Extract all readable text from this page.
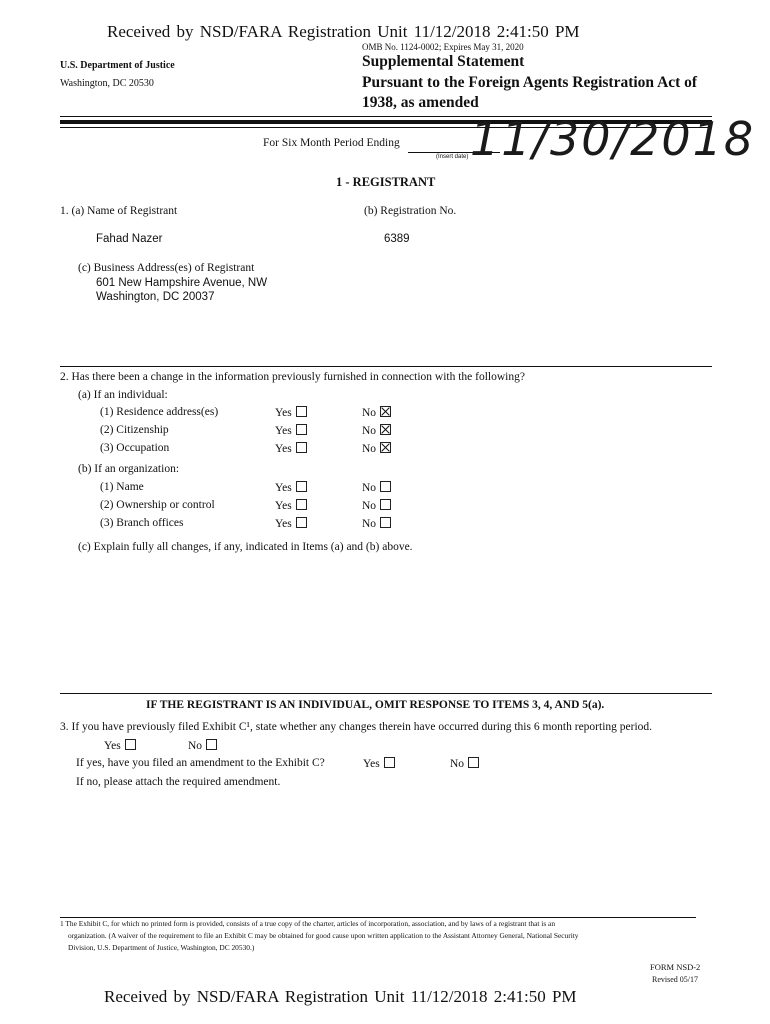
Received by NSD/FARA Registration Unit 11/12/2018 2:41:50 PM
OMB No. 1124-0002; Expires May 31, 2020
U.S. Department of Justice
Washington, DC 20530
Supplemental Statement
Pursuant to the Foreign Agents Registration Act of
1938, as amended
For Six Month Period Ending
(Insert date) 11/30/2018
1 - REGISTRANT
1. (a) Name of Registrant	(b) Registration No.
Fahad Nazer	6389
(c) Business Address(es) of Registrant
601 New Hampshire Avenue, NW
Washington, DC 20037
2. Has there been a change in the information previously furnished in connection with the following?
(a) If an individual:
(1) Residence address(es)	Yes	No
(2) Citizenship	Yes	No
(3) Occupation	Yes	No
(b) If an organization:
(1) Name	Yes	No
(2) Ownership or control	Yes	No
(3) Branch offices	Yes	No
(c) Explain fully all changes, if any, indicated in Items (a) and (b) above.
IF THE REGISTRANT IS AN INDIVIDUAL, OMIT RESPONSE TO ITEMS 3, 4, AND 5(a).
3. If you have previously filed Exhibit C¹, state whether any changes therein have occurred during this 6 month reporting period.
Yes	No
If yes, have you filed an amendment to the Exhibit C?	Yes	No
If no, please attach the required amendment.
1 The Exhibit C, for which no printed form is provided, consists of a true copy of the charter, articles of incorporation, association, and by laws of a registrant that is an
organization. (A waiver of the requirement to file an Exhibit C may be obtained for good cause upon written application to the Assistant Attorney General, National Security
Division, U.S. Department of Justice, Washington, DC 20530.)
FORM NSD-2
Revised 05/17
Received by NSD/FARA Registration Unit 11/12/2018 2:41:50 PM
